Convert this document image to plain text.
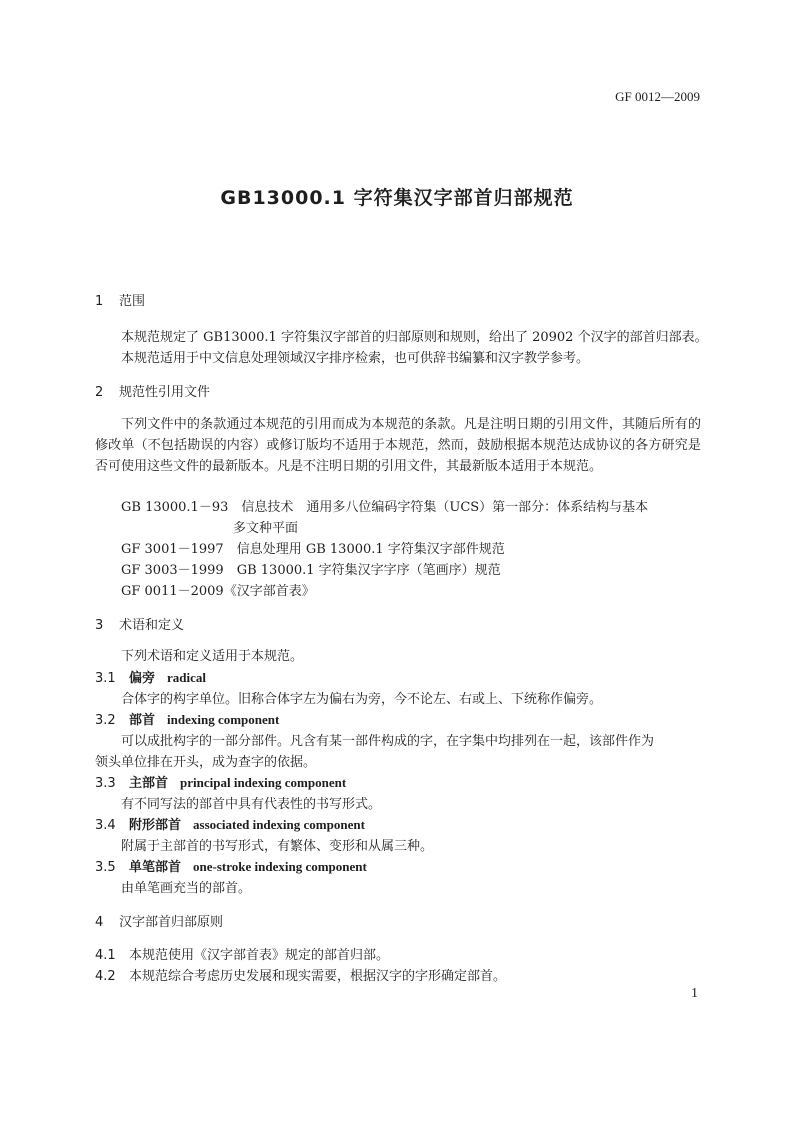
GF 0012—2009
GB13000.1 字符集汉字部首归部规范
1 范围
本规范规定了 GB13000.1 字符集汉字部首的归部原则和规则，给出了 20902 个汉字的部首归部表。
本规范适用于中文信息处理领域汉字排序检索，也可供辞书编纂和汉字教学参考。
2 规范性引用文件
下列文件中的条款通过本规范的引用而成为本规范的条款。凡是注明日期的引用文件，其随后所有的修改单（不包括勘误的内容）或修订版均不适用于本规范，然而，鼓励根据本规范达成协议的各方研究是否可使用这些文件的最新版本。凡是不注明日期的引用文件，其最新版本适用于本规范。
GB 13000.1－93　信息技术　通用多八位编码字符集（UCS）第一部分：体系结构与基本
多文种平面
GF 3001－1997　信息处理用 GB 13000.1 字符集汉字部件规范
GF 3003－1999　GB 13000.1 字符集汉字字序（笔画序）规范
GF 0011－2009《汉字部首表》
3 术语和定义
下列术语和定义适用于本规范。
3.1 偏旁 radical
合体字的构字单位。旧称合体字左为偏右为旁，今不论左、右或上、下统称作偏旁。
3.2 部首 indexing component
可以成批构字的一部分部件。凡含有某一部件构成的字，在字集中均排列在一起，该部件作为
领头单位排在开头，成为查字的依据。
3.3 主部首 principal indexing component
有不同写法的部首中具有代表性的书写形式。
3.4 附形部首 associated indexing component
附属于主部首的书写形式，有繁体、变形和从属三种。
3.5 单笔部首 one-stroke indexing component
由单笔画充当的部首。
4 汉字部首归部原则
4.1 本规范使用《汉字部首表》规定的部首归部。
4.2 本规范综合考虑历史发展和现实需要，根据汉字的字形确定部首。
1
